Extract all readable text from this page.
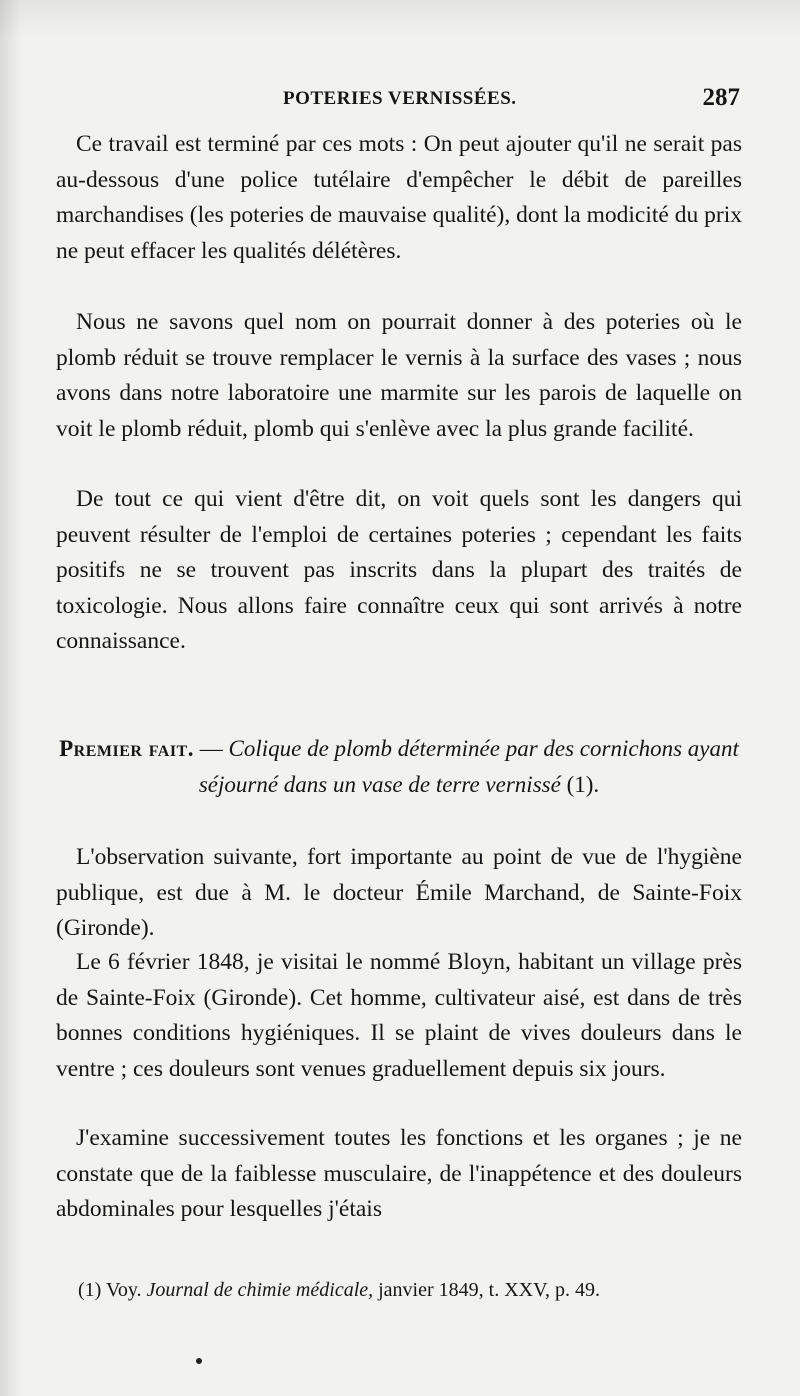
POTERIES VERNISSÉES.	287

Ce travail est terminé par ces mots : On peut ajouter qu'il ne serait pas au-dessous d'une police tutélaire d'empêcher le débit de pareilles marchandises (les poteries de mauvaise qualité), dont la modicité du prix ne peut effacer les qualités délétères.

Nous ne savons quel nom on pourrait donner à des poteries où le plomb réduit se trouve remplacer le vernis à la surface des vases ; nous avons dans notre laboratoire une marmite sur les parois de laquelle on voit le plomb réduit, plomb qui s'enlève avec la plus grande facilité.

De tout ce qui vient d'être dit, on voit quels sont les dangers qui peuvent résulter de l'emploi de certaines poteries ; cependant les faits positifs ne se trouvent pas inscrits dans la plupart des traités de toxicologie. Nous allons faire connaître ceux qui sont arrivés à notre connaissance.

Premier fait. — Colique de plomb déterminée par des cornichons ayant séjourné dans un vase de terre vernissé (1).

L'observation suivante, fort importante au point de vue de l'hygiène publique, est due à M. le docteur Émile Marchand, de Sainte-Foix (Gironde).

Le 6 février 1848, je visitai le nommé Bloyn, habitant un village près de Sainte-Foix (Gironde). Cet homme, cultivateur aisé, est dans de très bonnes conditions hygiéniques. Il se plaint de vives douleurs dans le ventre ; ces douleurs sont venues graduellement depuis six jours.

J'examine successivement toutes les fonctions et les organes ; je ne constate que de la faiblesse musculaire, de l'inappétence et des douleurs abdominales pour lesquelles j'étais

(1) Voy. Journal de chimie médicale, janvier 1849, t. XXV, p. 49.
